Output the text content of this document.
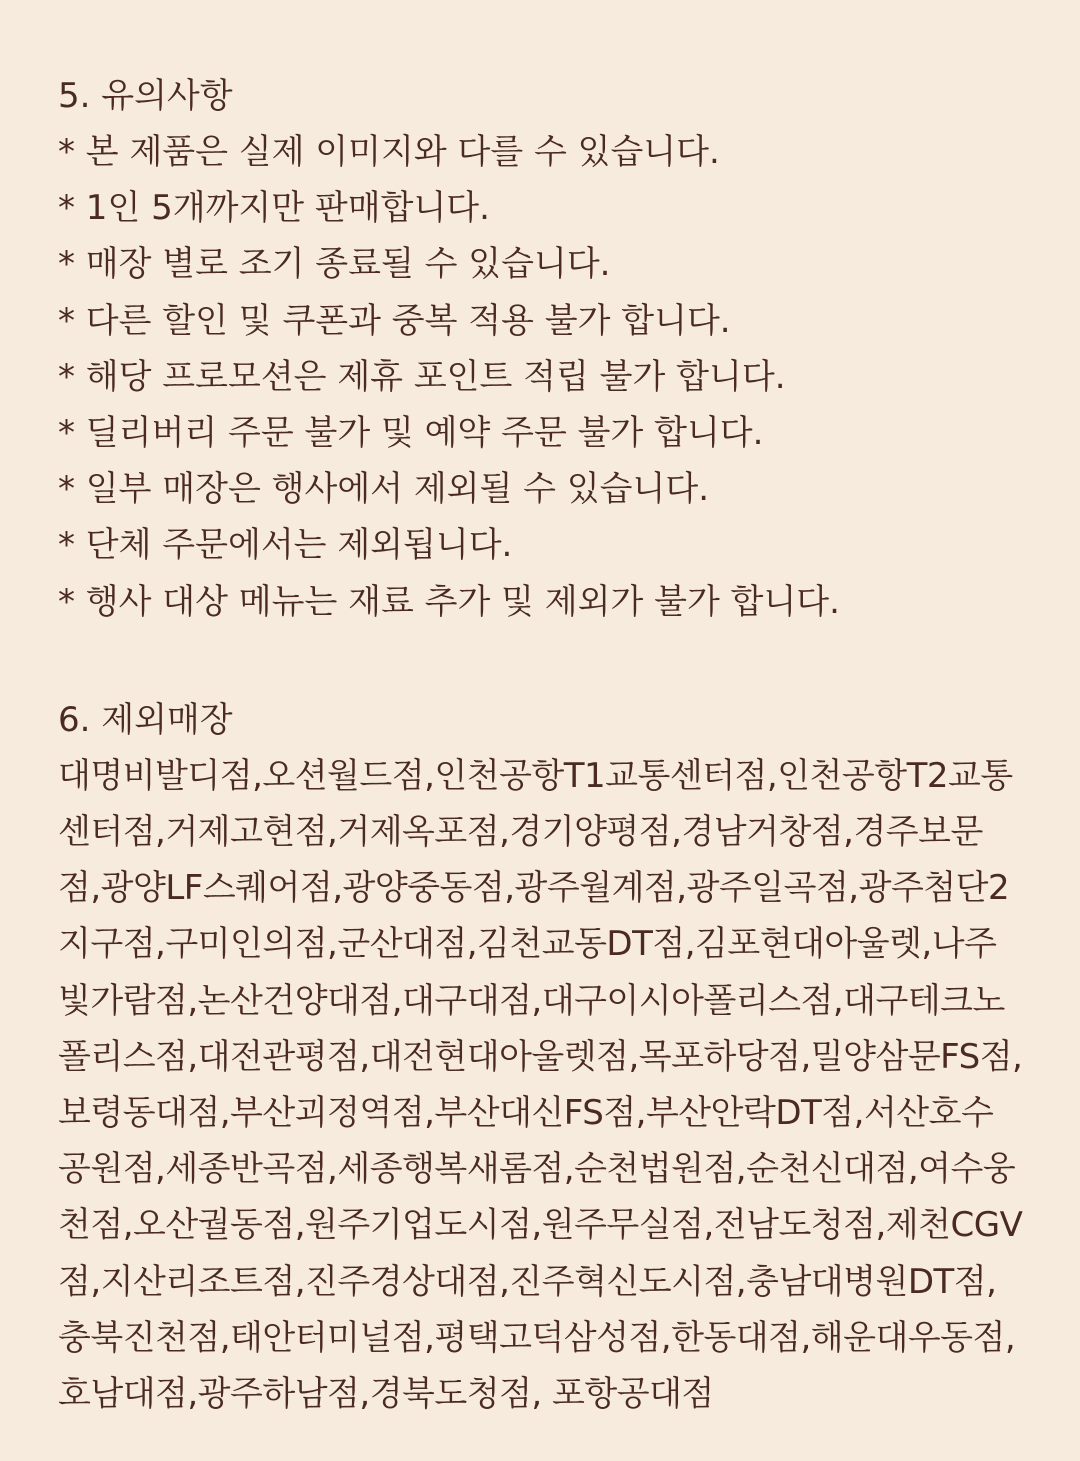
5. 유의사항
* 본 제품은 실제 이미지와 다를 수 있습니다.
* 1인 5개까지만 판매합니다.
* 매장 별로 조기 종료될 수 있습니다.
* 다른 할인 및 쿠폰과 중복 적용 불가 합니다.
* 해당 프로모션은 제휴 포인트 적립 불가 합니다.
* 딜리버리 주문 불가 및 예약 주문 불가 합니다.
* 일부 매장은 행사에서 제외될 수 있습니다.
* 단체 주문에서는 제외됩니다.
* 행사 대상 메뉴는 재료 추가 및 제외가 불가 합니다.
6. 제외매장

대명비발디점,오션월드점,인천공항T1교통센터점,인천공항T2교통센터점,거제고현점,거제옥포점,경기양평점,경남거창점,경주보문점,광양LF스퀘어점,광양중동점,광주월계점,광주일곡점,광주첨단2지구점,구미인의점,군산대점,김천교동DT점,김포현대아울렛,나주빛가람점,논산건양대점,대구대점,대구이시아폴리스점,대구테크노폴리스점,대전관평점,대전현대아울렛점,목포하당점,밀양삼문FS점,보령동대점,부산괴정역점,부산대신FS점,부산안락DT점,서산호수공원점,세종반곡점,세종행복새롬점,순천법원점,순천신대점,여수웅천점,오산궐동점,원주기업도시점,원주무실점,전남도청점,제천CGV점,지산리조트점,진주경상대점,진주혁신도시점,충남대병원DT점,충북진천점,태안터미널점,평택고덕삼성점,한동대점,해운대우동점,호남대점,광주하남점,경북도청점, 포항공대점
